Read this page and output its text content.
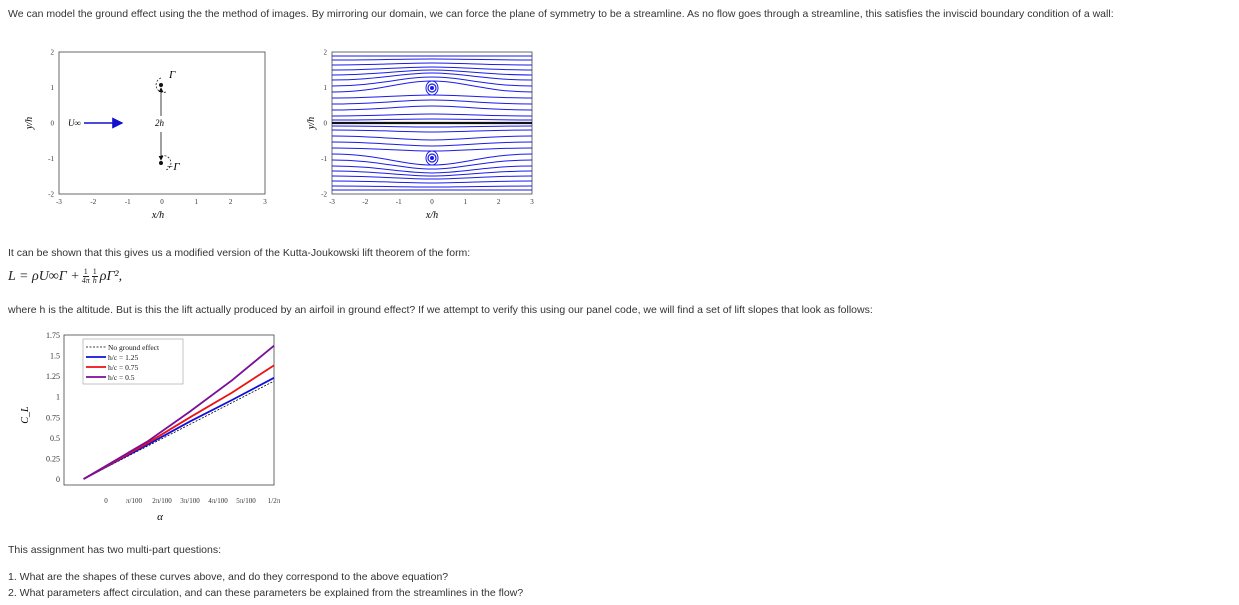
We can model the ground effect using the the method of images. By mirroring our domain, we can force the plane of symmetry to be a streamline. As no flow goes through a streamline, this satisfies the inviscid boundary condition of a wall:
-3	-2	-1	0	1	2	3
2
1
0
-1
-2
x/h
y/h	U∞
Γ
2h
−Γ
-3	-2	-1	0	1	2	3
2
1
0
-1
-2
x/h
y/h
It can be shown that this gives us a modified version of the Kutta-Joukowski lift theorem of the form:
$L = \rho U\infty\Gamma + \frac{1}{4\pi} \frac{1}{h} \rho\Gamma^2$,
where h is the altitude. But is this the lift actually produced by an airfoil in ground effect? If we attempt to verify this using our panel code, we will find a set of lift slopes that look as follows:
No ground effect
h/c = 1.25
h/c = 0.75
h/c = 0.5
1.75
1.5
1.25
1
0.75
0.5
0.25
0
0	π/100 2π/100 3π/100 4π/100 5π/100 1/2π
α
C_L
This assignment has two multi-part questions:
1. What are the shapes of these curves above, and do they correspond to the above equation?
2. What parameters affect circulation, and can these parameters be explained from the streamlines in the flow?
